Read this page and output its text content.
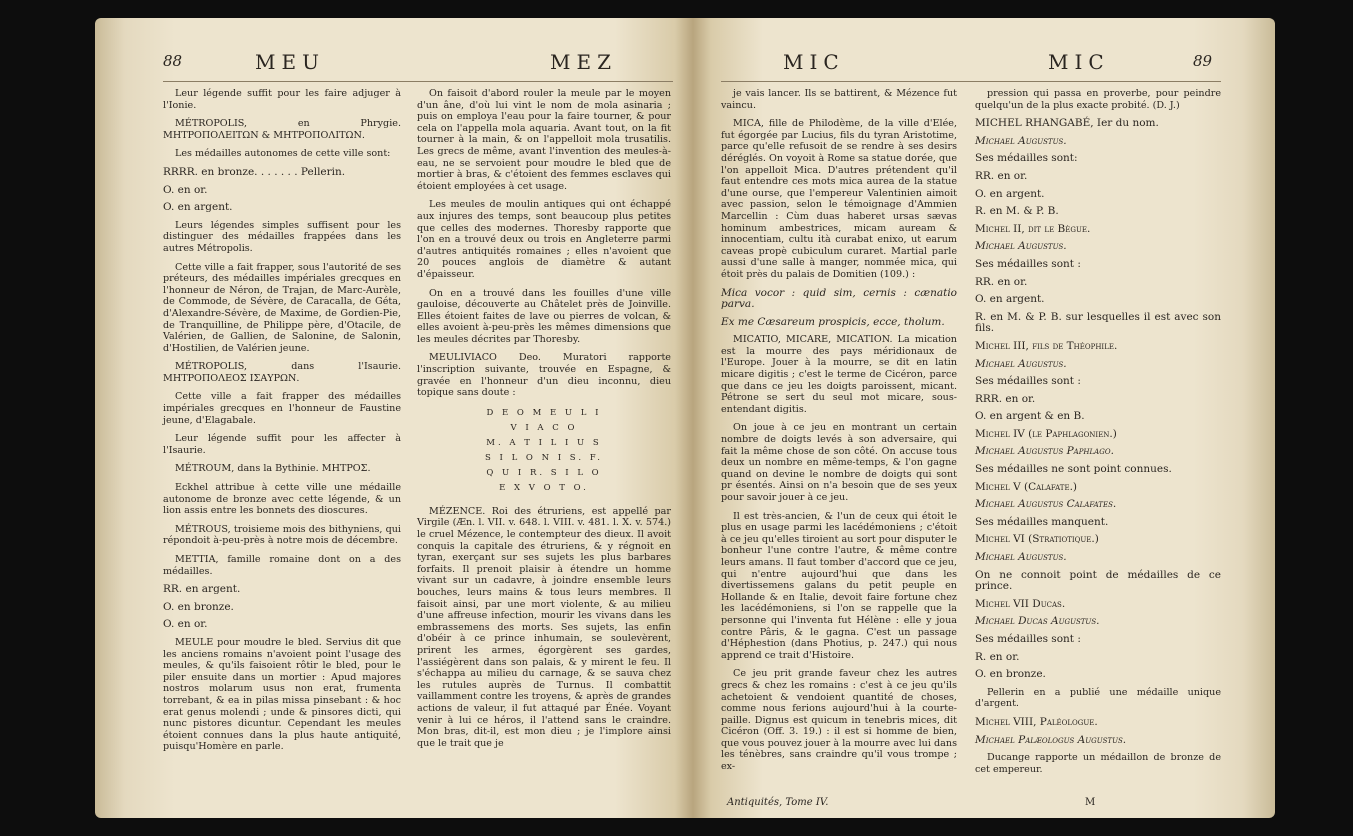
88	MEU	MEZ

Leur légende suffit pour les faire adjuger à l'Ionie.

MÉTROPOLIS, en Phrygie. ΜΗΤΡΟΠΟΛΕΙΤΩΝ & ΜΗΤΡΟΠΟΛΙΤΩΝ.

Les médailles autonomes de cette ville sont:

RRRR. en bronze. . . . . . . Pellerin.

O. en or.

O. en argent.

Leurs légendes simples suffisent pour les distinguer des médailles frappées dans les autres Métropolis.

Cette ville a fait frapper, sous l'autorité de ses préteurs, des médailles impériales grecques en l'honneur de Néron, de Trajan, de Marc-Aurèle, de Commode, de Sévère, de Caracalla, de Géta, d'Alexandre-Sévère, de Maxime, de Gordien-Pie, de Tranquilline, de Philippe père, d'Otacile, de Valérien, de Gallien, de Salonine, de Salonin, d'Hostilien, de Valérien jeune.

MÉTROPOLIS, dans l'Isaurie. ΜΗΤΡΟΠΟΛΕΟΣ ΙΣΑΥΡΩΝ.

Cette ville a fait frapper des médailles impériales grecques en l'honneur de Faustine jeune, d'Elagabale.

Leur légende suffit pour les affecter à l'Isaurie.

MÉTROUM, dans la Bythinie. ΜΗΤΡΟΣ.

Eckhel attribue à cette ville une médaille autonome de bronze avec cette légende, & un lion assis entre les bonnets des dioscures.

MÉTROUS, troisieme mois des bithyniens, qui répondoit à-peu-près à notre mois de décembre.

METTIA, famille romaine dont on a des médailles.

RR. en argent.

O. en bronze.

O. en or.

MEULE pour moudre le bled. Servius dit que les anciens romains n'avoient point l'usage des meules, & qu'ils faisoient rôtir le bled, pour le piler ensuite dans un mortier : Apud majores nostros molarum usus non erat, frumenta torrebant, & ea in pilas missa pinsebant : & hoc erat genus molendi ; unde & pinsores dicti, qui nunc pistores dicuntur. Cependant les meules étoient connues dans la plus haute antiquité, puisqu'Homère en parle.

On faisoit d'abord rouler la meule par le moyen d'un âne, d'où lui vint le nom de mola asinaria ; puis on employa l'eau pour la faire tourner, & pour cela on l'appella mola aquaria. Avant tout, on la fit tourner à la main, & on l'appelloit mola trusatilis. Les grecs de même, avant l'invention des meules-à-eau, ne se servoient pour moudre le bled que de mortier à bras, & c'étoient des femmes esclaves qui étoient employées à cet usage.

Les meules de moulin antiques qui ont échappé aux injures des temps, sont beaucoup plus petites que celles des modernes. Thoresby rapporte que l'on en a trouvé deux ou trois en Angleterre parmi d'autres antiquités romaines ; elles n'avoient que 20 pouces anglois de diamètre & autant d'épaisseur.

On en a trouvé dans les fouilles d'une ville gauloise, découverte au Châtelet près de Joinville. Elles étoient faites de lave ou pierres de volcan, & elles avoient à-peu-près les mêmes dimensions que les meules décrites par Thoresby.

MEULIVIACO Deo. Muratori rapporte l'inscription suivante, trouvée en Espagne, & gravée en l'honneur d'un dieu inconnu, dieu topique sans doute :

D E O M E U L I
V I A C O
M. A T I L I U S
S I L O N I S. F.
Q U I R. S I L O
E X V O T O.

MÉZENCE. Roi des étruriens, est appellé par Virgile (Æn. l. VII. v. 648. l. VIII. v. 481. l. X. v. 574.) le cruel Mézence, le contempteur des dieux. Il avoit conquis la capitale des étruriens, & y régnoit en tyran, exerçant sur ses sujets les plus barbares forfaits. Il prenoit plaisir à étendre un homme vivant sur un cadavre, à joindre ensemble leurs bouches, leurs mains & tous leurs membres. Il faisoit ainsi, par une mort violente, & au milieu d'une affreuse infection, mourir les vivans dans les embrassemens des morts. Ses sujets, las enfin d'obéir à ce prince inhumain, se soulevèrent, prirent les armes, égorgèrent ses gardes, l'assiégèrent dans son palais, & y mirent le feu. Il s'échappa au milieu du carnage, & se sauva chez les rutules auprès de Turnus. Il combattit vaillamment contre les troyens, & après de grandes actions de valeur, il fut attaqué par Énée. Voyant venir à lui ce héros, il l'attend sans le craindre. Mon bras, dit-il, est mon dieu ; je l'implore ainsi que le trait que je

MIC	MIC	89

je vais lancer. Ils se battirent, & Mézence fut vaincu.

MICA, fille de Philodème, de la ville d'Elée, fut égorgée par Lucius, fils du tyran Aristotime, parce qu'elle refusoit de se rendre à ses desirs déréglés. On voyoit à Rome sa statue dorée, que l'on appelloit Mica. D'autres prétendent qu'il faut entendre ces mots mica aurea de la statue d'une ourse, que l'empereur Valentinien aimoit avec passion, selon le témoignage d'Ammien Marcellin : Cùm duas haberet ursas sævas hominum ambestrices, micam auream & innocentiam, cultu ità curabat enixo, ut earum caveas propè cubiculum curaret. Martial parle aussi d'une salle à manger, nommée mica, qui étoit près du palais de Domitien (109.) :

Mica vocor : quid sim, cernis : cænatio parva.

Ex me Cæsareum prospicis, ecce, tholum.

MICATIO, MICARE, MICATION. La mication est la mourre des pays méridionaux de l'Europe. Jouer à la mourre, se dit en latin micare digitis ; c'est le terme de Cicéron, parce que dans ce jeu les doigts paroissent, micant. Pétrone se sert du seul mot micare, sous-entendant digitis.

On joue à ce jeu en montrant un certain nombre de doigts levés à son adversaire, qui fait la même chose de son côté. On accuse tous deux un nombre en même-temps, & l'on gagne quand on devine le nombre de doigts qui sont pr ésentés. Ainsi on n'a besoin que de ses yeux pour savoir jouer à ce jeu.

Il est très-ancien, & l'un de ceux qui étoit le plus en usage parmi les lacédémoniens ; c'étoit à ce jeu qu'elles tiroient au sort pour disputer le bonheur l'une contre l'autre, & même contre leurs amans. Il faut tomber d'accord que ce jeu, qui n'entre aujourd'hui que dans les divertissemens galans du petit peuple en Hollande & en Italie, devoit faire fortune chez les lacédémoniens, si l'on se rappelle que la personne qui l'inventa fut Hélène : elle y joua contre Pâris, & le gagna. C'est un passage d'Héphestion (dans Photius, p. 247.) qui nous apprend ce trait d'Histoire.

Ce jeu prit grande faveur chez les autres grecs & chez les romains : c'est à ce jeu qu'ils achetoient & vendoient quantité de choses, comme nous ferions aujourd'hui à la courte-paille. Dignus est quicum in tenebris mices, dit Cicéron (Off. 3. 19.) : il est si homme de bien, que vous pouvez jouer à la mourre avec lui dans les ténèbres, sans craindre qu'il vous trompe ; ex-

pression qui passa en proverbe, pour peindre quelqu'un de la plus exacte probité. (D. J.)

MICHEL RHANGABÉ, Ier du nom.

Michael Augustus.

Ses médailles sont:

RR. en or.

O. en argent.

R. en M. & P. B.

Michel II, dit le Bègue.

Michael Augustus.

Ses médailles sont :

RR. en or.

O. en argent.

R. en M. & P. B. sur lesquelles il est avec son fils.

Michel III, fils de Théophile.

Michael Augustus.

Ses médailles sont :

RRR. en or.

O. en argent & en B.

Michel IV (le Paphlagonien.)

Michael Augustus Paphlago.

Ses médailles ne sont point connues.

Michel V (Calafate.)

Michael Augustus Calafates.

Ses médailles manquent.

Michel VI (Stratiotique.)

Michael Augustus.

On ne connoit point de médailles de ce prince.

Michel VII Ducas.

Michael Ducas Augustus.

Ses médailles sont :

R. en or.

O. en bronze.

Pellerin en a publié une médaille unique d'argent.

Michel VIII, Paléologue.

Michael Palæologus Augustus.

Ducange rapporte un médaillon de bronze de cet empereur.

Antiquités, Tome IV.	M
